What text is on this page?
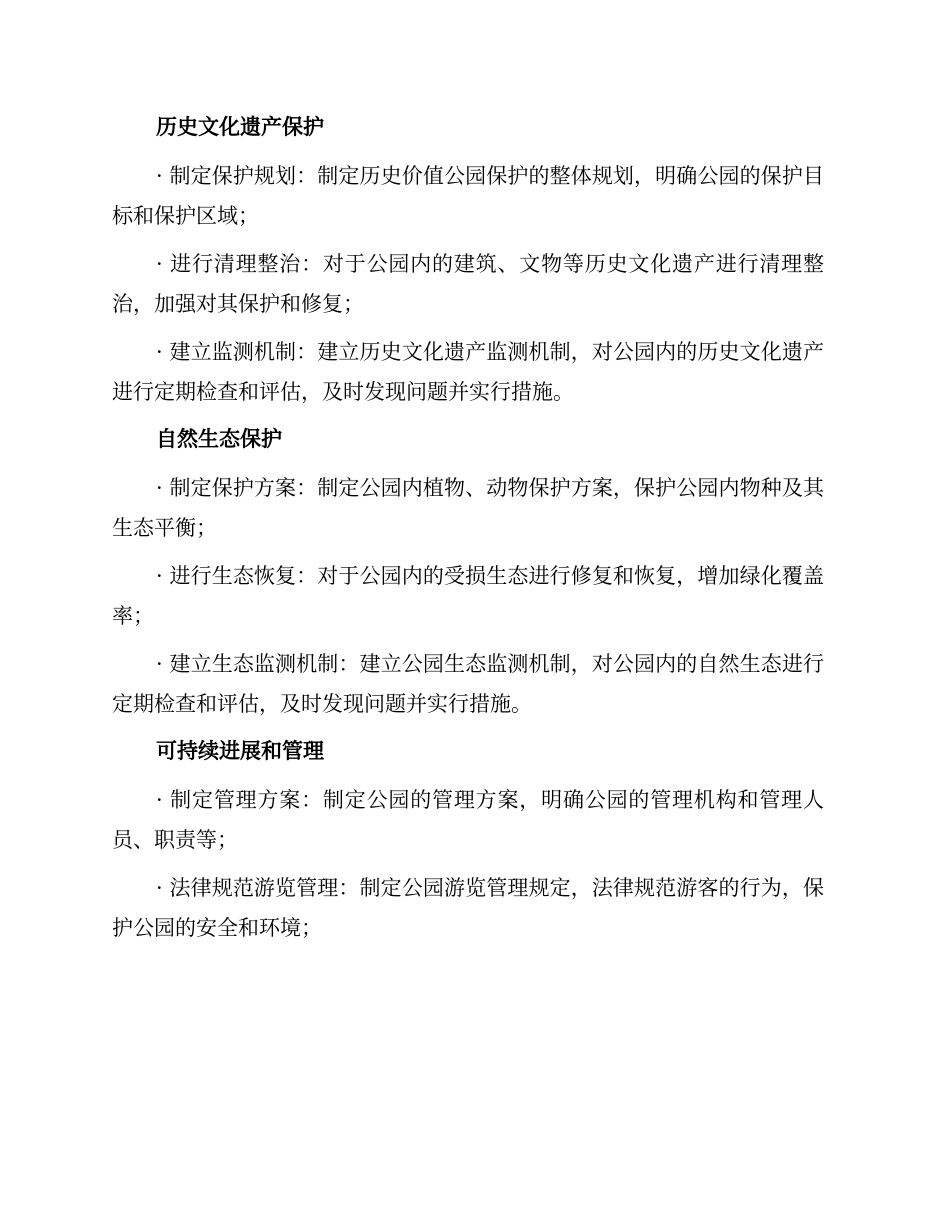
历史文化遗产保护

· 制定保护规划：制定历史价值公园保护的整体规划，明确公园的保护目标和保护区域；

· 进行清理整治：对于公园内的建筑、文物等历史文化遗产进行清理整治，加强对其保护和修复；

· 建立监测机制：建立历史文化遗产监测机制，对公园内的历史文化遗产进行定期检查和评估，及时发现问题并实行措施。

自然生态保护

· 制定保护方案：制定公园内植物、动物保护方案，保护公园内物种及其生态平衡；

· 进行生态恢复：对于公园内的受损生态进行修复和恢复，增加绿化覆盖率；

· 建立生态监测机制：建立公园生态监测机制，对公园内的自然生态进行定期检查和评估，及时发现问题并实行措施。

可持续进展和管理

· 制定管理方案：制定公园的管理方案，明确公园的管理机构和管理人员、职责等；

· 法律规范游览管理：制定公园游览管理规定，法律规范游客的行为，保护公园的安全和环境；
